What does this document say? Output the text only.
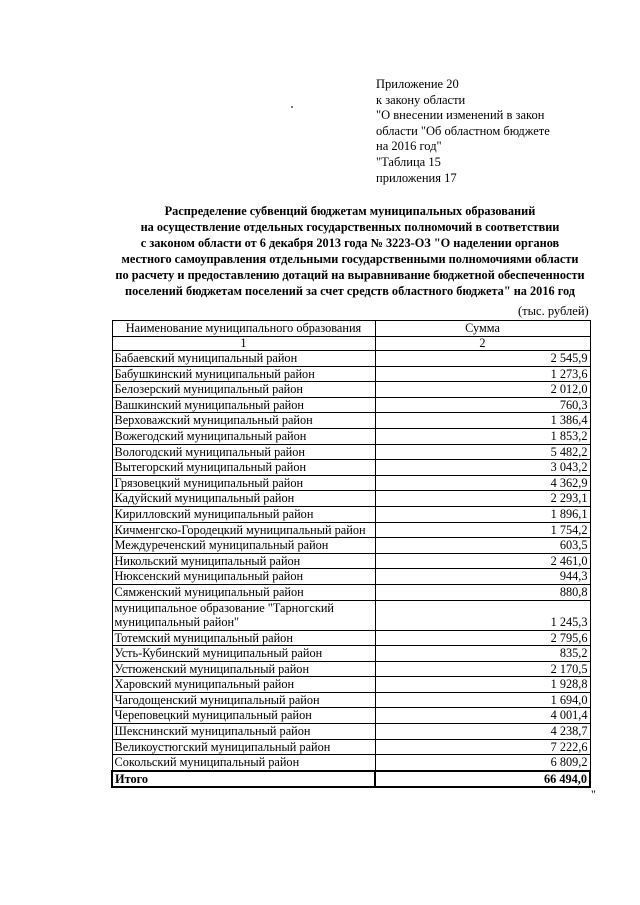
Приложение 20
к закону области
"О внесении изменений в закон
области "Об областном бюджете
на 2016 год"
"Таблица 15
приложения 17
Распределение субвенций бюджетам муниципальных образований
на осуществление отдельных государственных полномочий в соответствии
с законом области от 6 декабря 2013 года № 3223-ОЗ "О наделении органов
местного самоуправления отдельными государственными полномочиями области
по расчету и предоставлению дотаций на выравнивание бюджетной обеспеченности
поселений бюджетам поселений за счет средств областного бюджета" на 2016 год
(тыс. рублей)
Наименование муниципального образования	Сумма
1	2
Бабаевский муниципальный район	2 545,9
Бабушкинский муниципальный район	1 273,6
Белозерский муниципальный район	2 012,0
Вашкинский муниципальный район	760,3
Верховажский муниципальный район	1 386,4
Вожегодский муниципальный район	1 853,2
Вологодский муниципальный район	5 482,2
Вытегорский муниципальный район	3 043,2
Грязовецкий муниципальный район	4 362,9
Кадуйский муниципальный район	2 293,1
Кирилловский муниципальный район	1 896,1
Кичменгско-Городецкий муниципальный район	1 754,2
Междуреченский муниципальный район	603,5
Никольский муниципальный район	2 461,0
Нюксенский муниципальный район	944,3
Сямженский муниципальный район	880,8
муниципальное образование "Тарногский муниципальный район"	1 245,3
Тотемский муниципальный район	2 795,6
Усть-Кубинский муниципальный район	835,2
Устюженский муниципальный район	2 170,5
Харовский муниципальный район	1 928,8
Чагодощенский муниципальный район	1 694,0
Череповецкий муниципальный район	4 001,4
Шекснинский муниципальный район	4 238,7
Великоустюгский муниципальный район	7 222,6
Сокольский муниципальный район	6 809,2
Итого	66 494,0
"
